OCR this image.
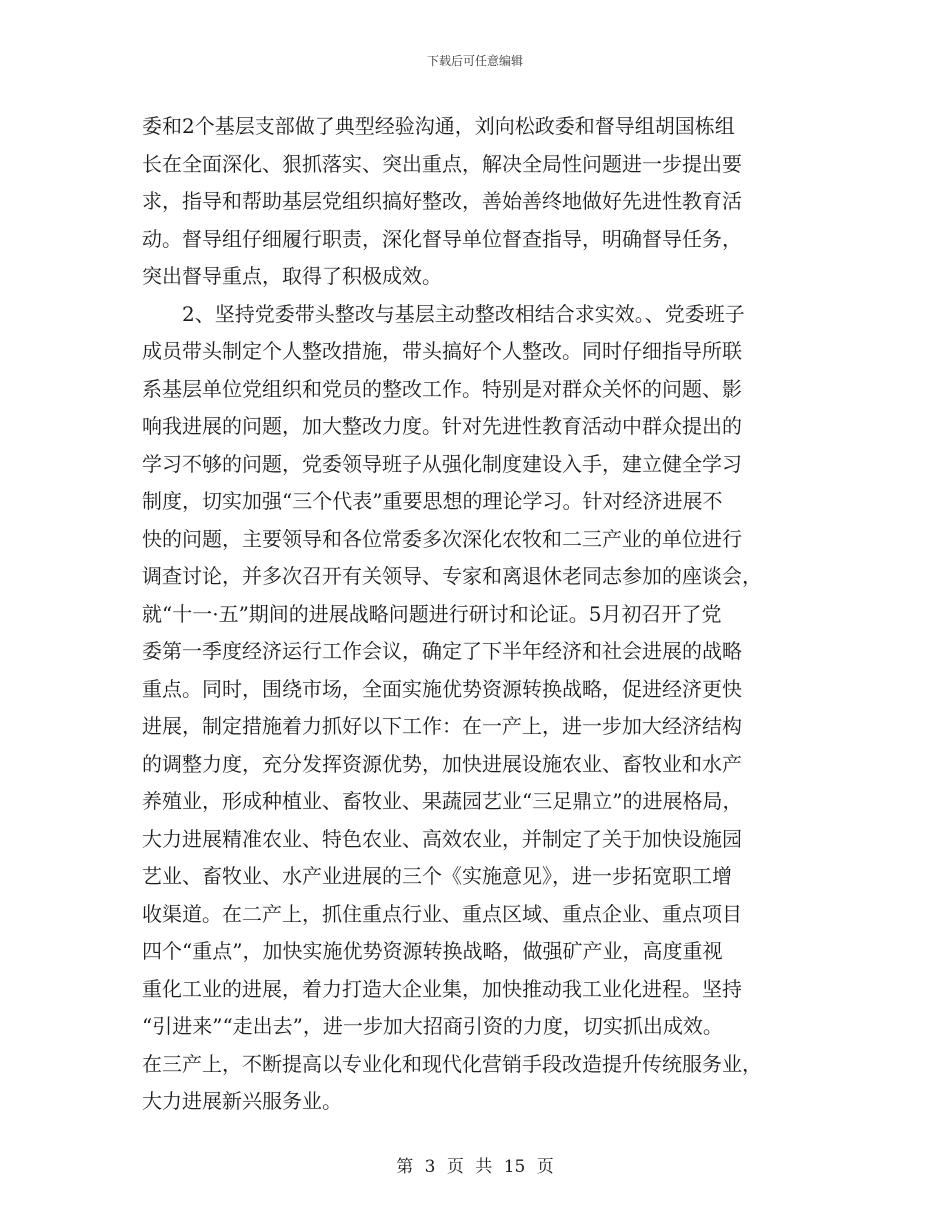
下载后可任意编辑
委和2个基层支部做了典型经验沟通，刘向松政委和督导组胡国栋组
长在全面深化、狠抓落实、突出重点，解决全局性问题进一步提出要
求，指导和帮助基层党组织搞好整改，善始善终地做好先进性教育活
动。督导组仔细履行职责，深化督导单位督查指导，明确督导任务，
突出督导重点，取得了积极成效。
　　2、坚持党委带头整改与基层主动整改相结合求实效。、党委班子
成员带头制定个人整改措施，带头搞好个人整改。同时仔细指导所联
系基层单位党组织和党员的整改工作。特别是对群众关怀的问题、影
响我进展的问题，加大整改力度。针对先进性教育活动中群众提出的
学习不够的问题，党委领导班子从强化制度建设入手，建立健全学习
制度，切实加强“三个代表”重要思想的理论学习。针对经济进展不
快的问题，主要领导和各位常委多次深化农牧和二三产业的单位进行
调查讨论，并多次召开有关领导、专家和离退休老同志参加的座谈会，
就“十一·五”期间的进展战略问题进行研讨和论证。5月初召开了党
委第一季度经济运行工作会议，确定了下半年经济和社会进展的战略
重点。同时，围绕市场，全面实施优势资源转换战略，促进经济更快
进展，制定措施着力抓好以下工作：在一产上，进一步加大经济结构
的调整力度，充分发挥资源优势，加快进展设施农业、畜牧业和水产
养殖业，形成种植业、畜牧业、果蔬园艺业“三足鼎立”的进展格局，
大力进展精准农业、特色农业、高效农业，并制定了关于加快设施园
艺业、畜牧业、水产业进展的三个《实施意见》，进一步拓宽职工增
收渠道。在二产上，抓住重点行业、重点区域、重点企业、重点项目
四个“重点”，加快实施优势资源转换战略，做强矿产业，高度重视
重化工业的进展，着力打造大企业集，加快推动我工业化进程。坚持
“引进来”“走出去”，进一步加大招商引资的力度，切实抓出成效。
在三产上，不断提高以专业化和现代化营销手段改造提升传统服务业，
大力进展新兴服务业。
第 3 页 共 15 页
